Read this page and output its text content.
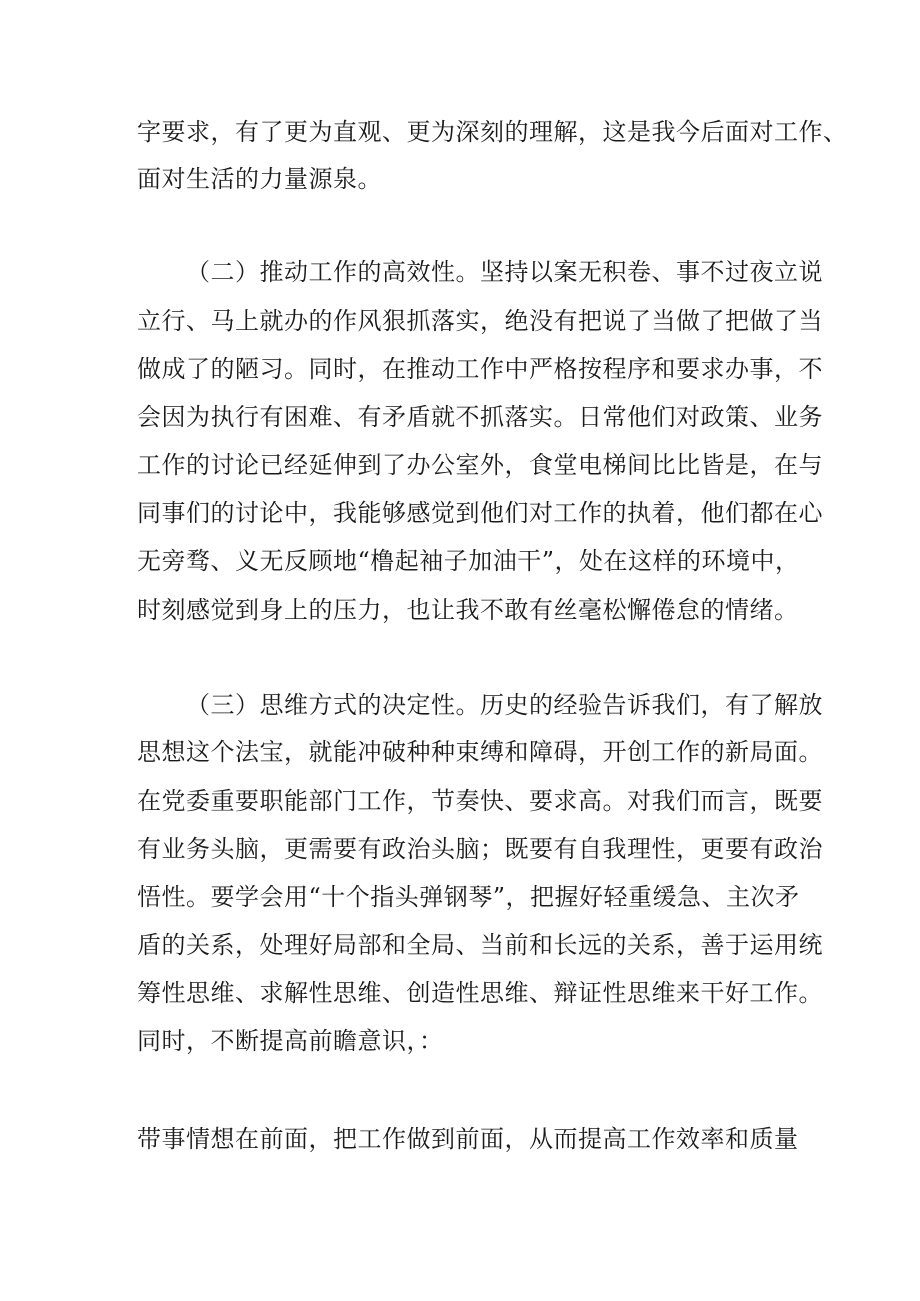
字要求，有了更为直观、更为深刻的理解，这是我今后面对工作、
面对生活的力量源泉。
（二）推动工作的高效性。坚持以案无积卷、事不过夜立说
立行、马上就办的作风狠抓落实，绝没有把说了当做了把做了当
做成了的陋习。同时，在推动工作中严格按程序和要求办事，不
会因为执行有困难、有矛盾就不抓落实。日常他们对政策、业务
工作的讨论已经延伸到了办公室外，食堂电梯间比比皆是，在与
同事们的讨论中，我能够感觉到他们对工作的执着，他们都在心
无旁骛、义无反顾地“橹起袖子加油干”，处在这样的环境中，
时刻感觉到身上的压力，也让我不敢有丝毫松懈倦怠的情绪。
（三）思维方式的决定性。历史的经验告诉我们，有了解放
思想这个法宝，就能冲破种种束缚和障碍，开创工作的新局面。
在党委重要职能部门工作，节奏快、要求高。对我们而言，既要
有业务头脑，更需要有政治头脑；既要有自我理性，更要有政治
悟性。要学会用“十个指头弹钢琴”，把握好轻重缓急、主次矛
盾的关系，处理好局部和全局、当前和长远的关系，善于运用统
筹性思维、求解性思维、创造性思维、辩证性思维来干好工作。
同时，不断提高前瞻意识，：
带事情想在前面，把工作做到前面，从而提高工作效率和质量
